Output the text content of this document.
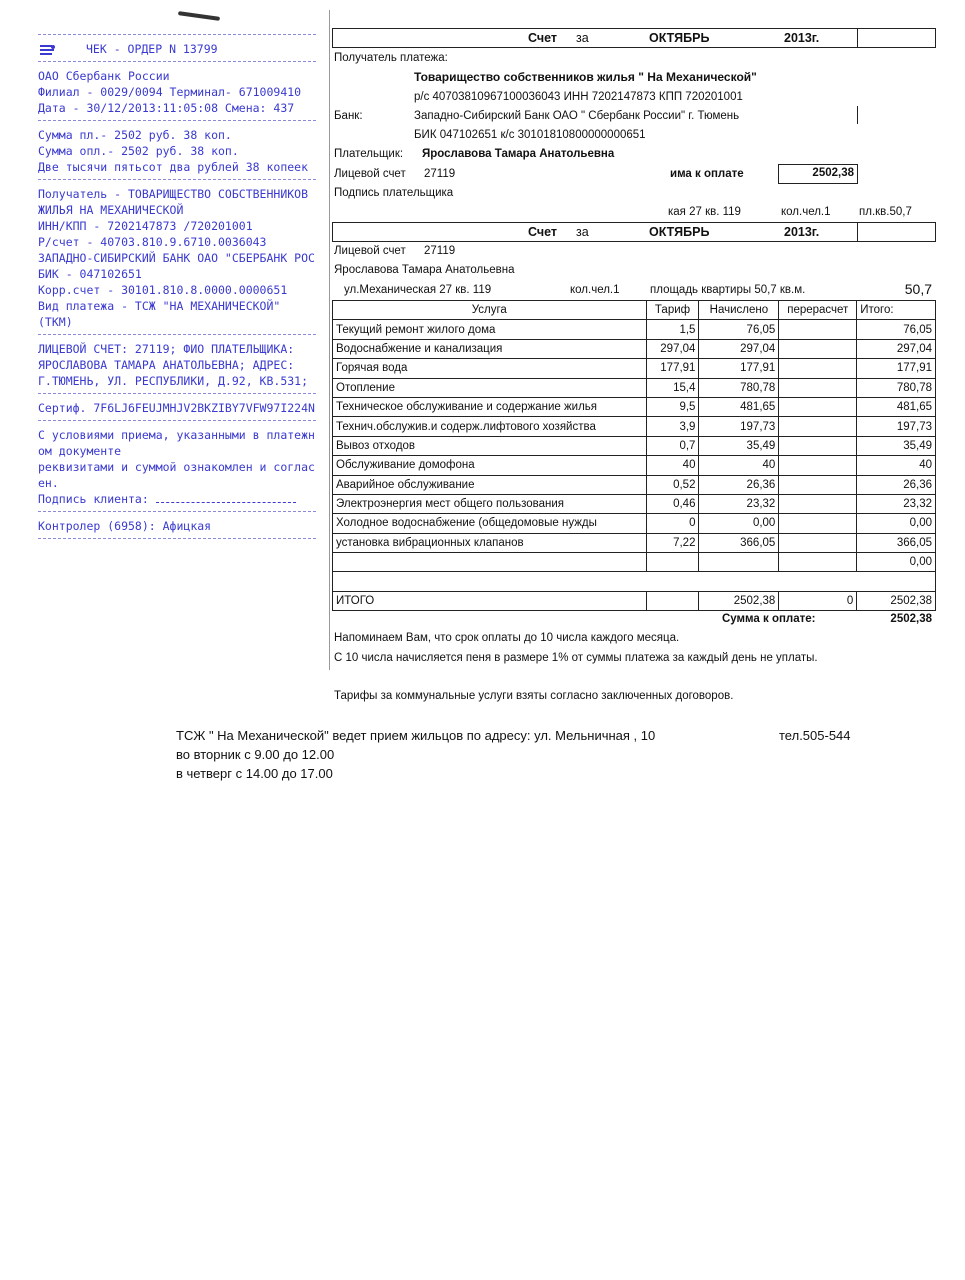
ЧЕК - ОРДЕР N 13799
ОАО Сбербанк России
Филиал - 0029/0094 Терминал- 671009410
Дата - 30/12/2013:11:05:08 Смена: 437
Сумма пл.- 2502 руб. 38 коп.
Сумма опл.- 2502 руб. 38 коп.
Две тысячи пятьсот два рублей 38 копеек
Получатель - ТОВАРИЩЕСТВО СОБСТВЕННИКОВ
ЖИЛЬЯ НА МЕХАНИЧЕСКОЙ
ИНН/КПП - 7202147873 /720201001
Р/счет - 40703.810.9.6710.0036043
ЗАПАДНО-СИБИРСКИЙ БАНК ОАО "СБЕРБАНК РОС
БИК - 047102651
Корр.счет - 30101.810.8.0000.0000651
Вид платежа - ТСЖ "НА МЕХАНИЧЕСКОЙ"
(ТКМ)
ЛИЦЕВОЙ СЧЕТ: 27119; ФИО ПЛАТЕЛЬЩИКА:
ЯРОСЛАВОВА ТАМАРА АНАТОЛЬЕВНА; АДРЕС:
Г.ТЮМЕНЬ, УЛ. РЕСПУБЛИКИ, Д.92, КВ.531;
Сертиф. 7F6LJ6FEUJMHJV2BKZIBY7VFW97I224N
С условиями приема, указанными в платежн
ом документе
реквизитами и суммой ознакомлен и соглас
ен.
Подпись клиента:
Контролер (6958): Афицкая
Счет за	ОКТЯБРЬ	2013г.
Получатель платежа:
Товарищество собственников жилья " На Механической"
р/с 40703810967100036043 ИНН 7202147873 КПП 720201001
Банк:	Западно-Сибирский Банк ОАО " Сбербанк России" г. Тюмень
БИК 047102651 к/с 30101810800000000651
Плательщик: Ярославова Тамара Анатольевна
Лицевой счет 27119	има к оплате	2502,38
Подпись плательщика
кая 27 кв. 119	кол.чел.1 пл.кв.50,7
Счет за	ОКТЯБРЬ	2013г.
Лицевой счет 27119
Ярославова Тамара Анатольевна
ул.Механическая 27 кв. 119	кол.чел.1	площадь квартиры 50,7 кв.м.	50,7
Услуга	Тариф	Начислено	перерасчет	Итого:
Текущий ремонт жилого дома	1,5	76,05		76,05
Водоснабжение и канализация	297,04	297,04		297,04
Горячая вода	177,91	177,91		177,91
Отопление	15,4	780,78		780,78
Техническое обслуживание и содержание жилья	9,5	481,65		481,65
Технич.обслужив.и содерж.лифтового хозяйства	3,9	197,73		197,73
Вывоз отходов	0,7	35,49		35,49
Обслуживание домофона	40	40		40
Аварийное обслуживание	0,52	26,36		26,36
Электроэнергия мест общего пользования	0,46	23,32		23,32
Холодное водоснабжение (общедомовые нужды	0	0,00		0,00
установка вибрационных клапанов	7,22	366,05		366,05
				0,00

ИТОГО		2502,38	0	2502,38
Сумма к оплате:	2502,38
Напоминаем Вам, что срок оплаты до 10 числа каждого месяца.
С 10 числа начисляется пеня в размере 1% от суммы платежа за каждый день не уплаты.
Тарифы за коммунальные услуги взяты согласно заключенных договоров.
ТСЖ " На Механической" ведет прием жильцов по адресу: ул. Мельничная , 10	тел.505-544
во вторник с 9.00 до 12.00
в четверг с 14.00 до 17.00
